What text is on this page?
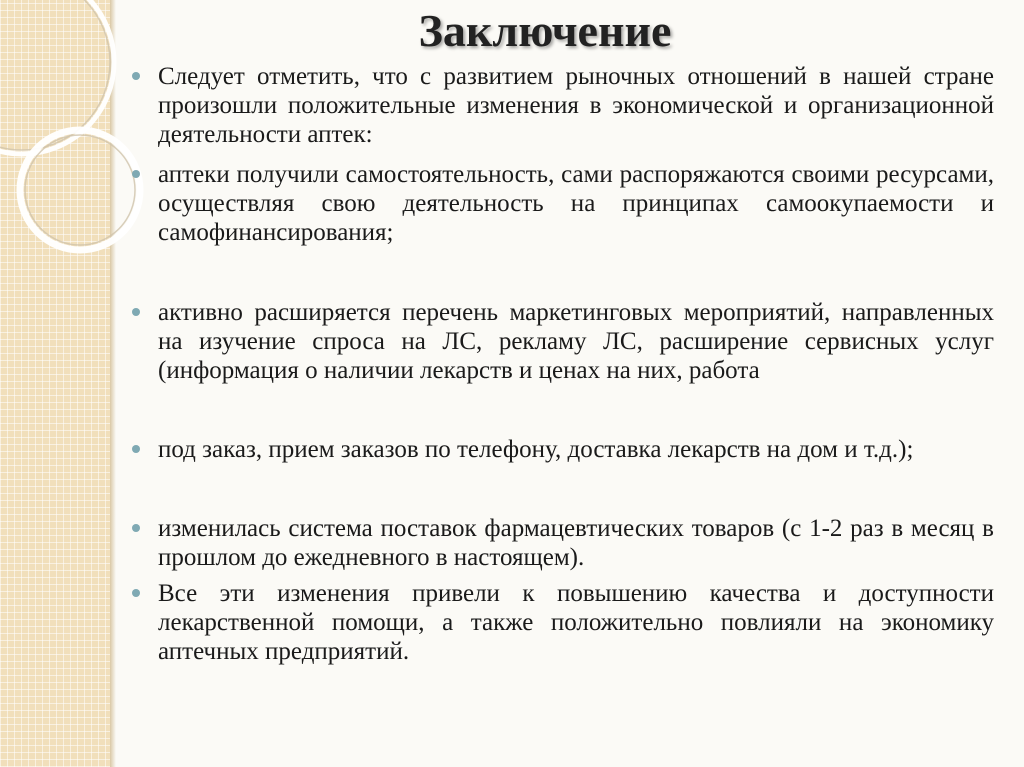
Заключение
Следует отметить, что с развитием рыночных отношений в нашей стране произошли положительные изменения в экономической и организационной деятельности аптек:
аптеки получили самостоятельность, сами распоряжаются своими ресурсами, осуществляя свою деятельность на принципах самоокупаемости и самофинансирования;
активно расширяется перечень маркетинговых мероприятий, направленных на изучение спроса на ЛС, рекламу ЛС, расширение сервисных услуг (информация о наличии лекарств и ценах на них, работа
под заказ, прием заказов по телефону, доставка лекарств на дом и т.д.);
изменилась система поставок фармацевтических товаров (с 1-2 раз в месяц в прошлом до ежедневного в настоящем).
Все эти изменения привели к повышению качества и доступности лекарственной помощи, а также положительно повлияли на экономику аптечных предприятий.
